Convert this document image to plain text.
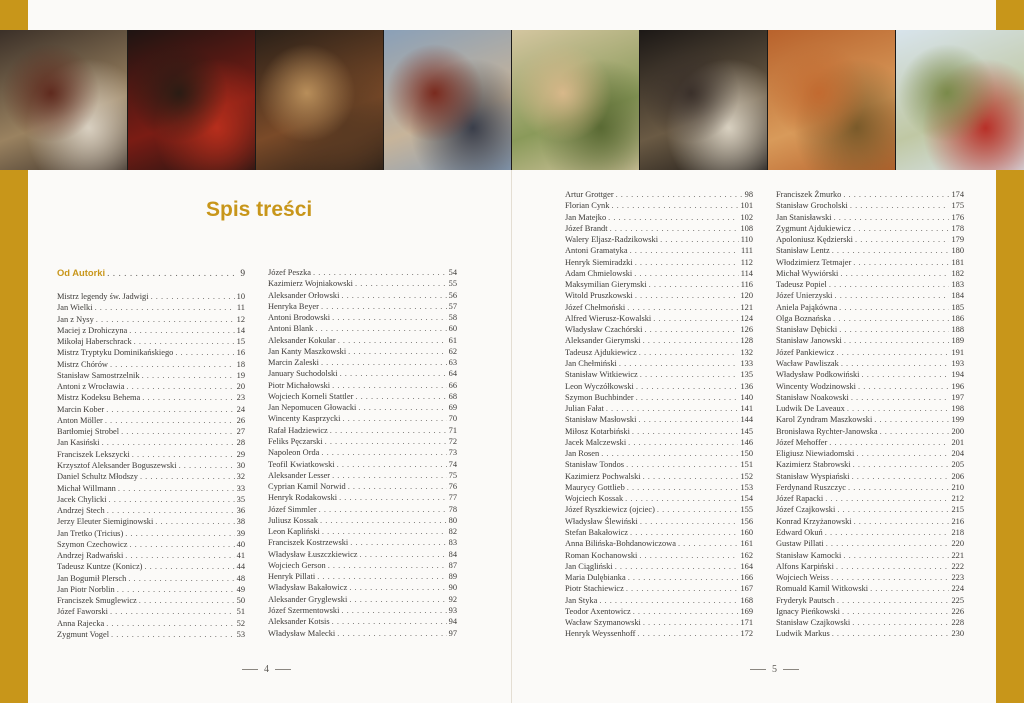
Spis treści
Od Autorki . . .	9
Mistrz legendy św. Jadwigi . . .	10
Jan Wielki . . .	11
Jan z Nysy . . .	12
Maciej z Drohiczyna . . .	14
Mikołaj Haberschrack . . .	15
Mistrz Tryptyku Dominikańskiego . . .	16
Mistrz Chórów . . .	18
Stanisław Samostrzelnik . . .	19
Antoni z Wrocławia . . .	20
Mistrz Kodeksu Behema . . .	23
Marcin Kober . . .	24
Anton Möller . . .	26
Bartłomiej Strobel . . .	27
Jan Kasiński . . .	28
Franciszek Lekszycki . . .	29
Krzysztof Aleksander Boguszewski . . .	30
Daniel Schultz Młodszy . . .	32
Michał Willmann . . .	33
Jacek Chylicki . . .	35
Andrzej Stech . . .	36
Jerzy Eleuter Siemiginowski . . .	38
Jan Tretko (Tricius) . . .	39
Szymon Czechowicz . . .	40
Andrzej Radwański . . .	41
Tadeusz Kuntze (Konicz) . . .	44
Jan Bogumił Plersch . . .	48
Jan Piotr Norblin . . .	49
Franciszek Smuglewicz . . .	50
Józef Faworski . . .	51
Anna Rajecka . . .	52
Zygmunt Vogel . . .	53
Józef Peszka . . .	54
Kazimierz Wojniakowski . . .	55
Aleksander Orłowski . . .	56
Henryka Beyer . . .	57
Antoni Brodowski . . .	58
Antoni Blank . . .	60
Aleksander Kokular . . .	61
Jan Kanty Maszkowski . . .	62
Marcin Zaleski . . .	63
January Suchodolski . . .	64
Piotr Michałowski . . .	66
Wojciech Korneli Stattler . . .	68
Jan Nepomucen Głowacki . . .	69
Wincenty Kasprzycki . . .	70
Rafał Hadziewicz . . .	71
Feliks Pęczarski . . .	72
Napoleon Orda . . .	73
Teofil Kwiatkowski . . .	74
Aleksander Lesser . . .	75
Cyprian Kamil Norwid . . .	76
Henryk Rodakowski . . .	77
Józef Simmler . . .	78
Juliusz Kossak . . .	80
Leon Kapliński . . .	82
Franciszek Kostrzewski . . .	83
Władysław Łuszczkiewicz . . .	84
Wojciech Gerson . . .	87
Henryk Pillati . . .	89
Władysław Bakałowicz . . .	90
Aleksander Gryglewski . . .	92
Józef Szermentowski . . .	93
Aleksander Kotsis . . .	94
Władysław Malecki . . .	97
Artur Grottger . . .	98
Florian Cynk . . .	101
Jan Matejko . . .	102
Józef Brandt . . .	108
Walery Eljasz-Radzikowski . . .	110
Antoni Gramatyka . . .	111
Henryk Siemiradzki . . .	112
Adam Chmielowski . . .	114
Maksymilian Gierymski . . .	116
Witold Pruszkowski . . .	120
Józef Chełmoński . . .	121
Alfred Wierusz-Kowalski . . .	124
Władysław Czachórski . . .	126
Aleksander Gierymski . . .	128
Tadeusz Ajdukiewicz . . .	132
Jan Chełmiński . . .	133
Stanisław Witkiewicz . . .	135
Leon Wyczółkowski . . .	136
Szymon Buchbinder . . .	140
Julian Fałat . . .	141
Stanisław Masłowski . . .	144
Miłosz Kotarbiński . . .	145
Jacek Malczewski . . .	146
Jan Rosen . . .	150
Stanisław Tondos . . .	151
Kazimierz Pochwalski . . .	152
Maurycy Gottlieb . . .	153
Wojciech Kossak . . .	154
Józef Ryszkiewicz (ojciec) . . .	155
Władysław Ślewiński . . .	156
Stefan Bakałowicz . . .	160
Anna Bilińska-Bohdanowiczowa . . .	161
Roman Kochanowski . . .	162
Jan Ciągliński . . .	164
Maria Dulębianka . . .	166
Piotr Stachiewicz . . .	167
Jan Styka . . .	168
Teodor Axentowicz . . .	169
Wacław Szymanowski . . .	171
Henryk Weyssenhoff . . .	172
Franciszek Żmurko . . .	174
Stanisław Grocholski . . .	175
Jan Stanisławski . . .	176
Zygmunt Ajdukiewicz . . .	178
Apoloniusz Kędzierski . . .	179
Stanisław Lentz . . .	180
Włodzimierz Tetmajer . . .	181
Michał Wywiórski . . .	182
Tadeusz Popiel . . .	183
Józef Unierzyski . . .	184
Aniela Pająkówna . . .	185
Olga Boznańska . . .	186
Stanisław Dębicki . . .	188
Stanisław Janowski . . .	189
Józef Pankiewicz . . .	191
Wacław Pawliszak . . .	193
Władysław Podkowiński . . .	194
Wincenty Wodzinowski . . .	196
Stanisław Noakowski . . .	197
Ludwik De Laveaux . . .	198
Karol Zyndram Maszkowski . . .	199
Bronisława Rychter-Janowska . . .	200
Józef Mehoffer . . .	201
Eligiusz Niewiadomski . . .	204
Kazimierz Stabrowski . . .	205
Stanisław Wyspiański . . .	206
Ferdynand Ruszczyc . . .	210
Józef Rapacki . . .	212
Józef Czajkowski . . .	215
Konrad Krzyżanowski . . .	216
Edward Okuń . . .	218
Gustaw Pillati . . .	220
Stanisław Kamocki . . .	221
Alfons Karpiński . . .	222
Wojciech Weiss . . .	223
Romuald Kamil Witkowski . . .	224
Fryderyk Pautsch . . .	225
Ignacy Pieńkowski . . .	226
Stanisław Czajkowski . . .	228
Ludwik Markus . . .	230
4	5
